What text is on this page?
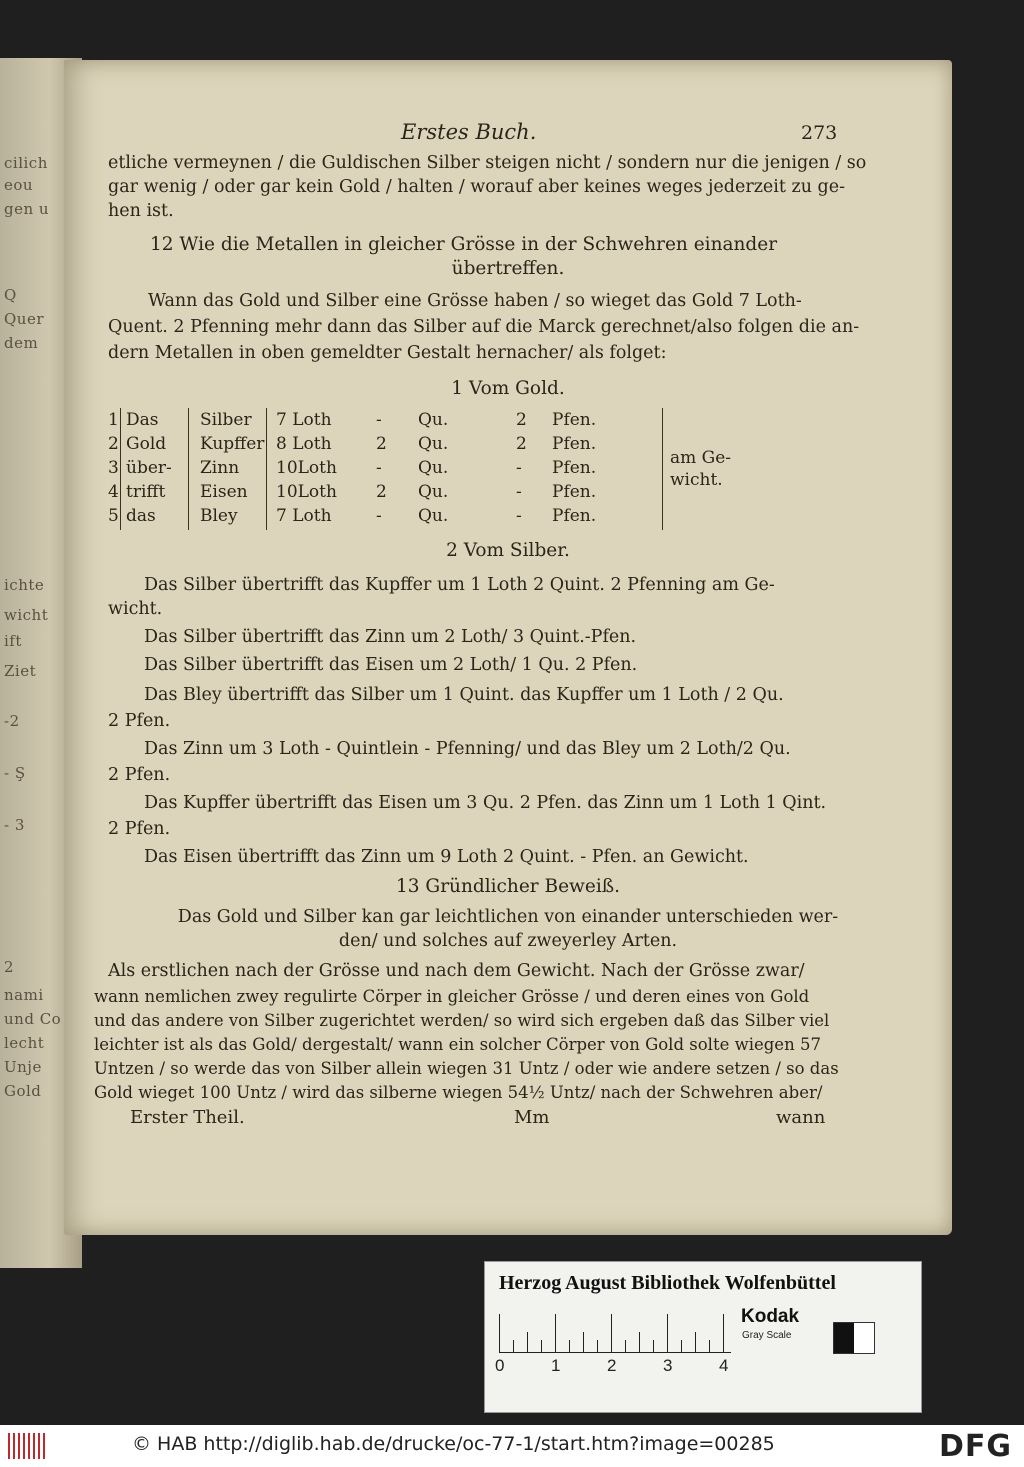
cilich
eou
gen u
Q
Quer
dem
ichte
wicht
ift
Ziet
-2
- Ş
- 3
2
nami
und Co
lecht
Unje
Gold
Erstes Buch.	273
etliche vermeynen / die Guldischen Silber steigen nicht / sondern nur die jenigen / so
gar wenig / oder gar kein Gold / halten / worauf aber keines weges jederzeit zu ge-
hen ist.
12 Wie die Metallen in gleicher Grösse in der Schwehren einander
übertreffen.
Wann das Gold und Silber eine Grösse haben / so wieget das Gold 7 Loth-
Quent. 2 Pfenning mehr dann das Silber auf die Marck gerechnet/also folgen die an-
dern Metallen in oben gemeldter Gestalt hernacher/ als folget:
1 Vom Gold.
1 Das Silber 7 Loth	- Qu.	2 Pfen.
2 Gold Kupffer 8 Loth	2 Qu.	2 Pfen.
3 über- Zinn 10Loth - Qu.	- Pfen.
4 trifft Eisen 10Loth 2 Qu.	- Pfen.
5 das	Bley 7 Loth	- Qu.	- Pfen.
am Ge-
wicht.
2 Vom Silber.
Das Silber übertrifft das Kupffer um 1 Loth 2 Quint. 2 Pfenning am Ge-
wicht.
Das Silber übertrifft das Zinn um 2 Loth/ 3 Quint.-Pfen.
Das Silber übertrifft das Eisen um 2 Loth/ 1 Qu. 2 Pfen.
Das Bley übertrifft das Silber um 1 Quint. das Kupffer um 1 Loth / 2 Qu.
2 Pfen.
Das Zinn um 3 Loth - Quintlein - Pfenning/ und das Bley um 2 Loth/2 Qu.
2 Pfen.
Das Kupffer übertrifft das Eisen um 3 Qu. 2 Pfen. das Zinn um 1 Loth 1 Qint.
2 Pfen.
Das Eisen übertrifft das Zinn um 9 Loth 2 Quint. - Pfen. an Gewicht.
13 Gründlicher Beweiß.
Das Gold und Silber kan gar leichtlichen von einander unterschieden wer-
den/ und solches auf zweyerley Arten.
Als erstlichen nach der Grösse und nach dem Gewicht. Nach der Grösse zwar/
wann nemlichen zwey regulirte Cörper in gleicher Grösse / und deren eines von Gold
und das andere von Silber zugerichtet werden/ so wird sich ergeben daß das Silber viel
leichter ist als das Gold/ dergestalt/ wann ein solcher Cörper von Gold solte wiegen 57
Untzen / so werde das von Silber allein wiegen 31 Untz / oder wie andere setzen / so das
Gold wieget 100 Untz / wird das silberne wiegen 54½ Untz/ nach der Schwehren aber/
Erster Theil.	Mm	wann
Herzog August Bibliothek Wolfenbüttel
0	1	2	3	4
Kodak
Gray Scale
© HAB http://diglib.hab.de/drucke/oc-77-1/start.htm?image=00285	DFG
